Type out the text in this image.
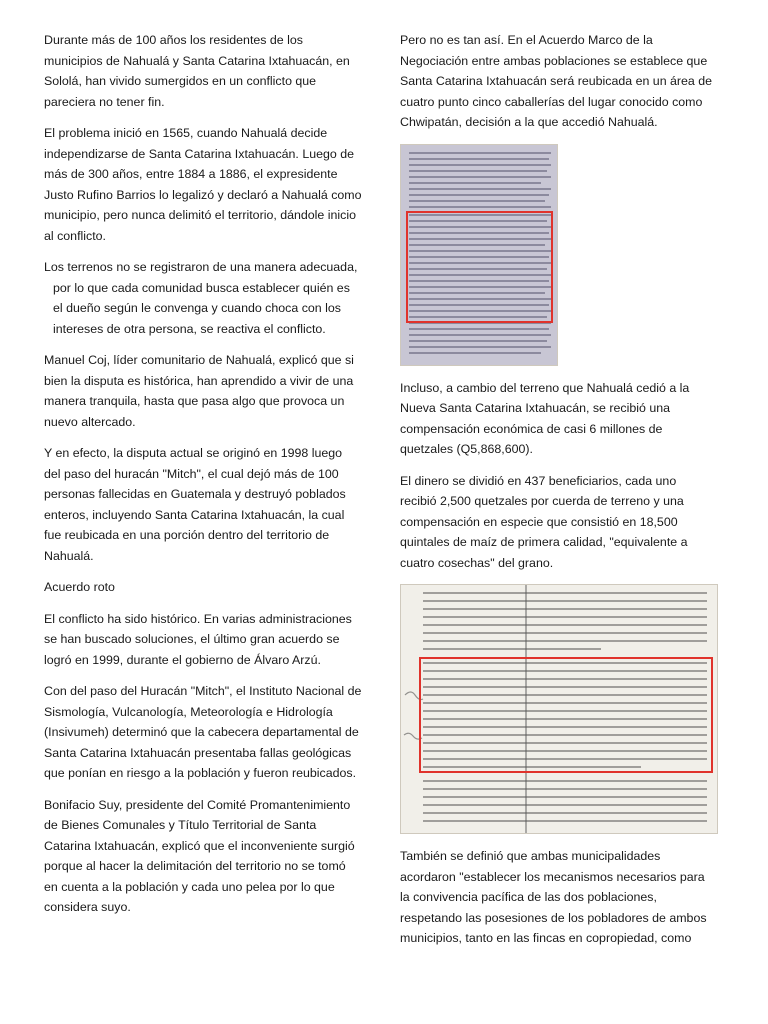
Durante más de 100 años los residentes de los municipios de Nahualá y Santa Catarina Ixtahuacán, en Sololá, han vivido sumergidos en un conflicto que pareciera no tener fin.

El problema inició en 1565, cuando Nahualá decide independizarse de Santa Catarina Ixtahuacán. Luego de más de 300 años, entre 1884 a 1886, el expresidente Justo Rufino Barrios lo legalizó y declaró a Nahualá como municipio, pero nunca delimitó el territorio, dándole inicio al conflicto.

Los terrenos no se registraron de una manera adecuada, por lo que cada comunidad busca establecer quién es el dueño según le convenga y cuando choca con los intereses de otra persona, se reactiva el conflicto.

Manuel Coj, líder comunitario de Nahualá, explicó que si bien la disputa es histórica, han aprendido a vivir de una manera tranquila, hasta que pasa algo que provoca un nuevo altercado.

Y en efecto, la disputa actual se originó en 1998 luego del paso del huracán "Mitch", el cual dejó más de 100 personas fallecidas en Guatemala y destruyó poblados enteros, incluyendo Santa Catarina Ixtahuacán, la cual fue reubicada en una porción dentro del territorio de Nahualá.

Acuerdo roto

El conflicto ha sido histórico. En varias administraciones se han buscado soluciones, el último gran acuerdo se logró en 1999, durante el gobierno de Álvaro Arzú.

Con del paso del Huracán "Mitch", el Instituto Nacional de Sismología, Vulcanología, Meteorología e Hidrología (Insivumeh) determinó que la cabecera departamental de Santa Catarina Ixtahuacán presentaba fallas geológicas que ponían en riesgo a la población y fueron reubicados.

Bonifacio Suy, presidente del Comité Promantenimiento de Bienes Comunales y Título Territorial de Santa Catarina Ixtahuacán, explicó que el inconveniente surgió porque al hacer la delimitación del territorio no se tomó en cuenta a la población y cada uno pelea por lo que considera suyo.

Pero no es tan así. En el Acuerdo Marco de la Negociación entre ambas poblaciones se establece que Santa Catarina Ixtahuacán será reubicada en un área de cuatro punto cinco caballerías del lugar conocido como Chwipatán, decisión a la que accedió Nahualá.

Incluso, a cambio del terreno que Nahualá cedió a la Nueva Santa Catarina Ixtahuacán, se recibió una compensación económica de casi 6 millones de quetzales (Q5,868,600).

El dinero se dividió en 437 beneficiarios, cada uno recibió 2,500 quetzales por cuerda de terreno y una compensación en especie que consistió en 18,500 quintales de maíz de primera calidad, "equivalente a cuatro cosechas" del grano.

También se definió que ambas municipalidades acordaron "establecer los mecanismos necesarios para la convivencia pacífica de las dos poblaciones, respetando las posesiones de los pobladores de ambos municipios, tanto en las fincas en copropiedad, como
